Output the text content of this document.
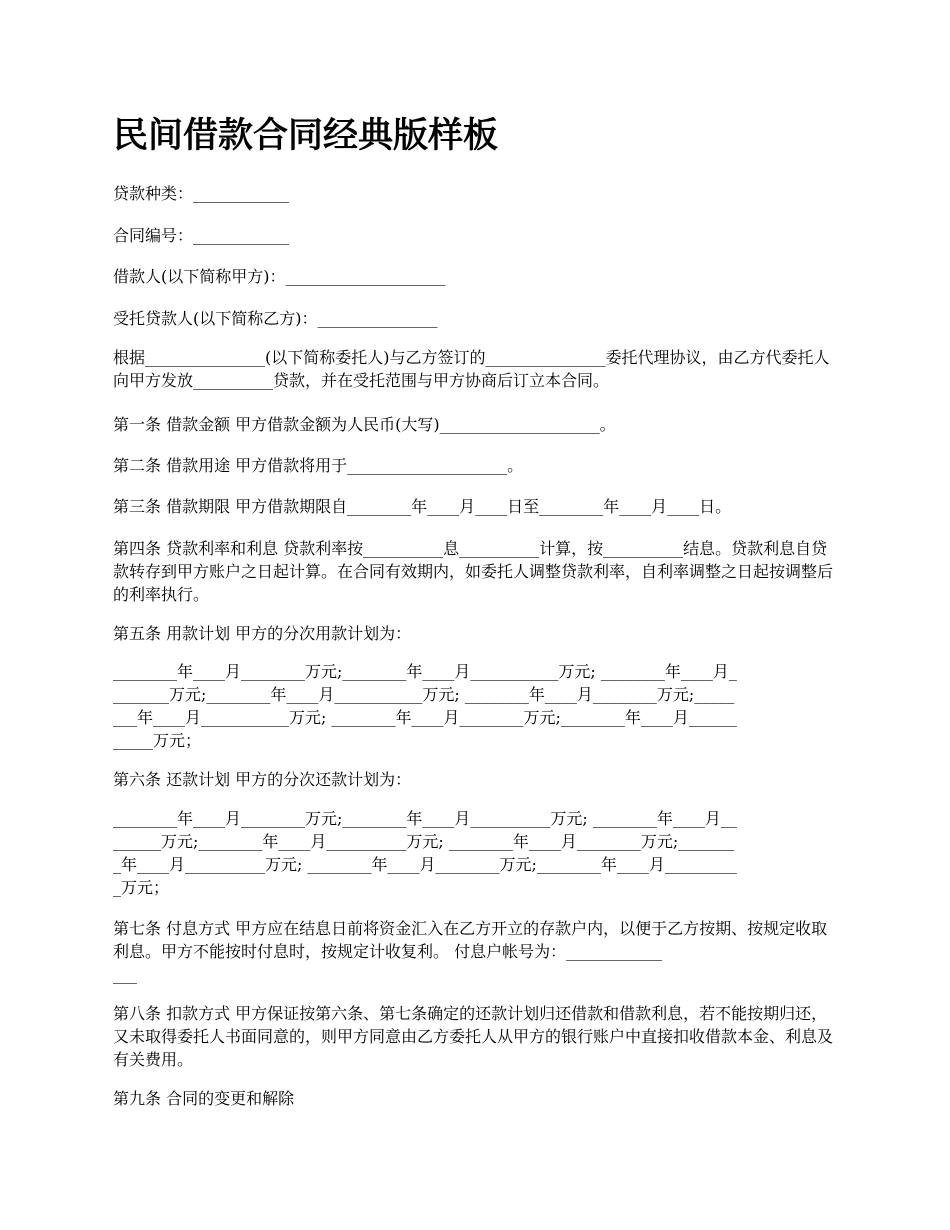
民间借款合同经典版样板

贷款种类：____________

合同编号：____________

借款人(以下简称甲方)：____________________

受托贷款人(以下简称乙方)：_______________

根据_______________(以下简称委托人)与乙方签订的_______________委托代理协议，由乙方代委托人 向甲方发放__________贷款，并在受托范围与甲方协商后订立本合同。

第一条 借款金额 甲方借款金额为人民币(大写)____________________。

第二条 借款用途 甲方借款将用于____________________。

第三条 借款期限 甲方借款期限自________年____月____日至________年____月____日。

第四条 贷款利率和利息 贷款利率按__________息__________计算，按__________结息。贷款利息自贷款转存到甲方账户之日起计算。在合同有效期内，如委托人调整贷款利率，自利率调整之日起按调整后的利率执行。

第五条 用款计划 甲方的分次用款计划为：

________年____月________万元;________年____月___________万元; ________年____月_
_______万元;________年____月___________万元; ________年____月________万元;_____
___年____月___________万元; ________年____月________万元;________年____月______
_____万元；

第六条 还款计划 甲方的分次还款计划为：

________年____月________万元;________年____月__________万元; ________年____月__
______万元;________年____月__________万元; ________年____月________万元;_______
_年____月__________万元; ________年____月________万元;________年____月_________
_万元；

第七条 付息方式 甲方应在结息日前将资金汇入在乙方开立的存款户内，以便于乙方按期、按规定收取利息。甲方不能按时付息时，按规定计收复利。 付息户帐号为：____________
___

第八条 扣款方式 甲方保证按第六条、第七条确定的还款计划归还借款和借款利息，若不能按期归还， 又未取得委托人书面同意的，则甲方同意由乙方委托人从甲方的银行账户中直接扣收借款本金、利息及有关费用。

第九条 合同的变更和解除
